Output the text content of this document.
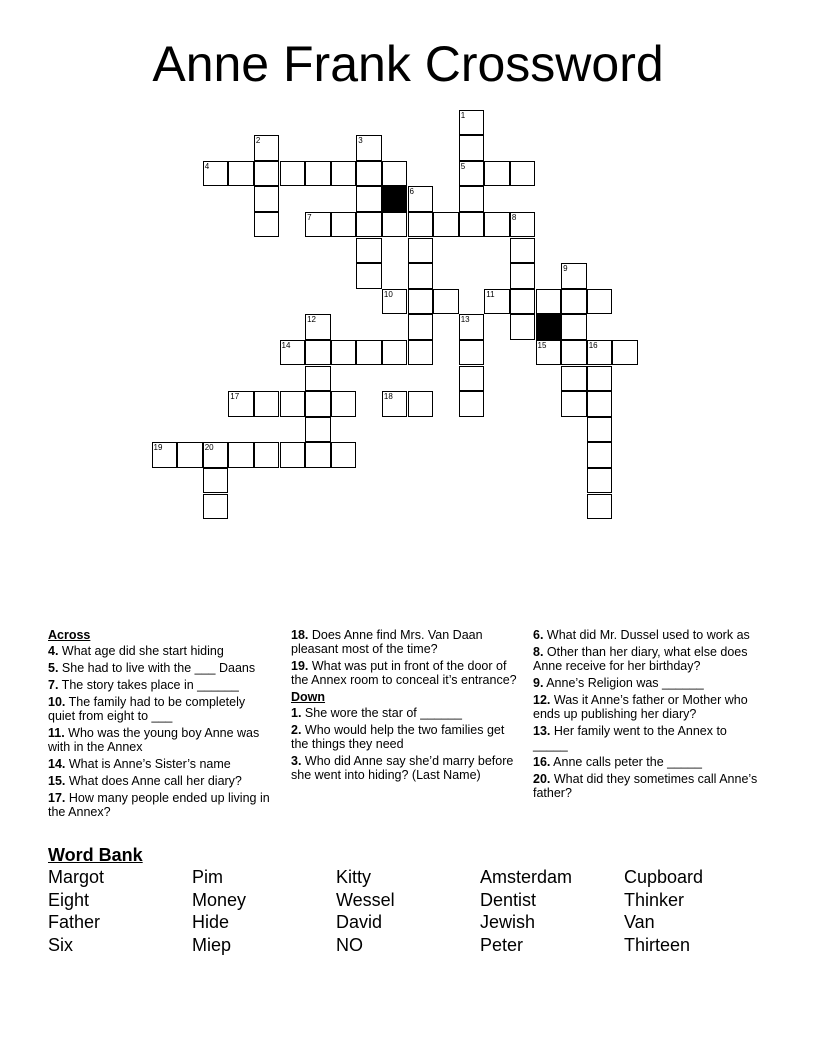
Anne Frank Crossword
1
2	3
4	5
6
7	8
9
10	11
12	13
14	15	16
17	18
19	20
Across
4. What age did she start hiding
5. She had to live with the ___ Daans
7. The story takes place in ______
10. The family had to be completely quiet from eight to ___
11. Who was the young boy Anne was with in the Annex
14. What is Anne’s Sister’s name
15. What does Anne call her diary?
17. How many people ended up living in the Annex?
18. Does Anne find Mrs. Van Daan pleasant most of the time?
19. What was put in front of the door of the Annex room to conceal it’s entrance?
Down
1. She wore the star of ______
2. Who would help the two families get the things they need
3. Who did Anne say she’d marry before she went into hiding? (Last Name)
6. What did Mr. Dussel used to work as
8. Other than her diary, what else does Anne receive for her birthday?
9. Anne’s Religion was ______
12. Was it Anne’s father or Mother who ends up publishing her diary?
13. Her family went to the Annex to _____
16. Anne calls peter the _____
20. What did they sometimes call Anne’s father?
Word Bank
Margot	Pim	Kitty	Amsterdam	Cupboard
Eight	Money	Wessel	Dentist	Thinker
Father	Hide	David	Jewish	Van
Six	Miep	NO	Peter	Thirteen
